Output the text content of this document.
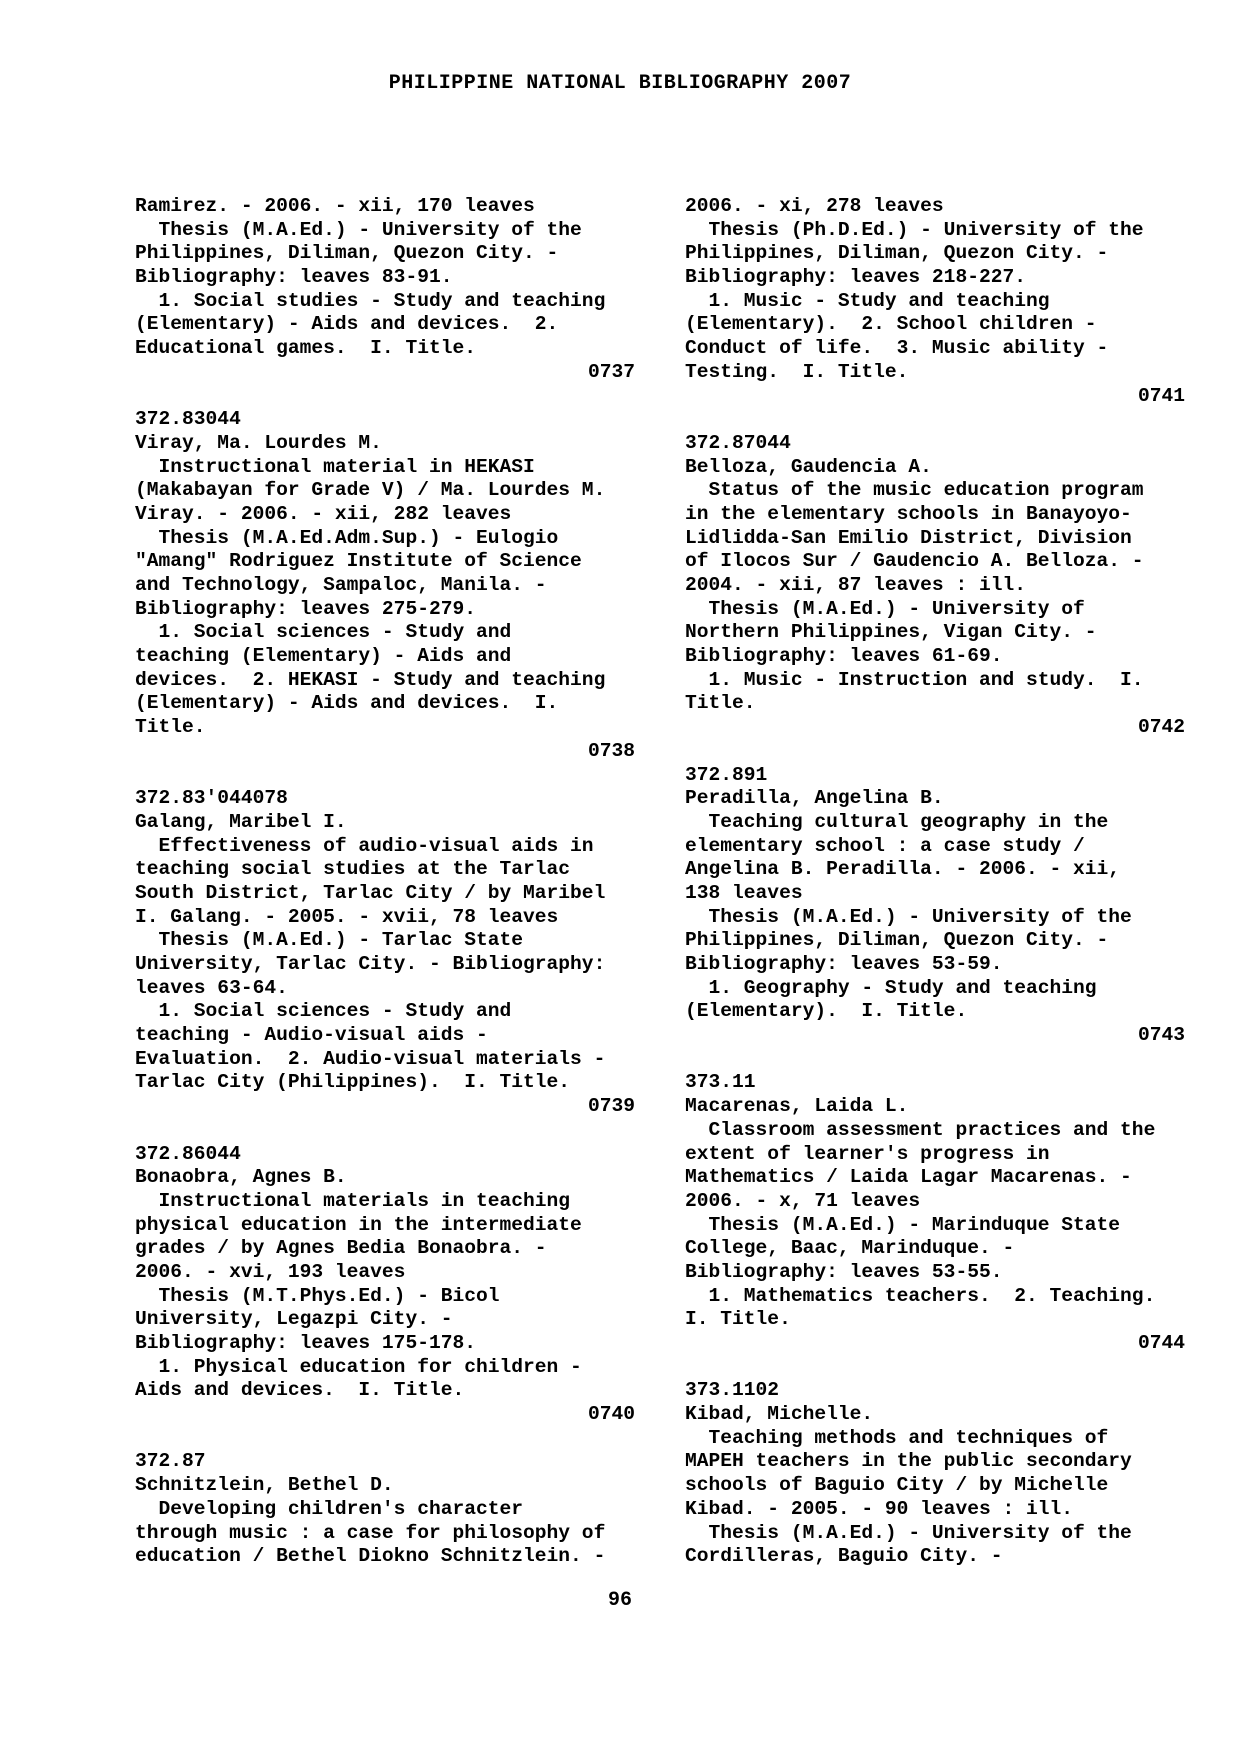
PHILIPPINE NATIONAL BIBLIOGRAPHY 2007
Ramirez. - 2006. - xii, 170 leaves
Thesis (M.A.Ed.) - University of the
Philippines, Diliman, Quezon City. -
Bibliography: leaves 83-91.
1. Social studies - Study and teaching
(Elementary) - Aids and devices.  2.
Educational games.  I. Title.
0737
372.83044
Viray, Ma. Lourdes M.
Instructional material in HEKASI
(Makabayan for Grade V) / Ma. Lourdes M.
Viray. - 2006. - xii, 282 leaves
Thesis (M.A.Ed.Adm.Sup.) - Eulogio
"Amang" Rodriguez Institute of Science
and Technology, Sampaloc, Manila. -
Bibliography: leaves 275-279.
1. Social sciences - Study and
teaching (Elementary) - Aids and
devices.  2. HEKASI - Study and teaching
(Elementary) - Aids and devices.  I.
Title.
0738
372.83'044078
Galang, Maribel I.
Effectiveness of audio-visual aids in
teaching social studies at the Tarlac
South District, Tarlac City / by Maribel
I. Galang. - 2005. - xvii, 78 leaves
Thesis (M.A.Ed.) - Tarlac State
University, Tarlac City. - Bibliography:
leaves 63-64.
1. Social sciences - Study and
teaching - Audio-visual aids -
Evaluation.  2. Audio-visual materials -
Tarlac City (Philippines).  I. Title.
0739
372.86044
Bonaobra, Agnes B.
Instructional materials in teaching
physical education in the intermediate
grades / by Agnes Bedia Bonaobra. -
2006. - xvi, 193 leaves
Thesis (M.T.Phys.Ed.) - Bicol
University, Legazpi City. -
Bibliography: leaves 175-178.
1. Physical education for children -
Aids and devices.  I. Title.
0740
372.87
Schnitzlein, Bethel D.
Developing children's character
through music : a case for philosophy of
education / Bethel Diokno Schnitzlein. -
2006. - xi, 278 leaves
Thesis (Ph.D.Ed.) - University of the
Philippines, Diliman, Quezon City. -
Bibliography: leaves 218-227.
1. Music - Study and teaching
(Elementary).  2. School children -
Conduct of life.  3. Music ability -
Testing.  I. Title.
0741
372.87044
Belloza, Gaudencia A.
Status of the music education program
in the elementary schools in Banayoyo-
Lidlidda-San Emilio District, Division
of Ilocos Sur / Gaudencio A. Belloza. -
2004. - xii, 87 leaves : ill.
Thesis (M.A.Ed.) - University of
Northern Philippines, Vigan City. -
Bibliography: leaves 61-69.
1. Music - Instruction and study.  I.
Title.
0742
372.891
Peradilla, Angelina B.
Teaching cultural geography in the
elementary school : a case study /
Angelina B. Peradilla. - 2006. - xii,
138 leaves
Thesis (M.A.Ed.) - University of the
Philippines, Diliman, Quezon City. -
Bibliography: leaves 53-59.
1. Geography - Study and teaching
(Elementary).  I. Title.
0743
373.11
Macarenas, Laida L.
Classroom assessment practices and the
extent of learner's progress in
Mathematics / Laida Lagar Macarenas. -
2006. - x, 71 leaves
Thesis (M.A.Ed.) - Marinduque State
College, Baac, Marinduque. -
Bibliography: leaves 53-55.
1. Mathematics teachers.  2. Teaching.
I. Title.
0744
373.1102
Kibad, Michelle.
Teaching methods and techniques of
MAPEH teachers in the public secondary
schools of Baguio City / by Michelle
Kibad. - 2005. - 90 leaves : ill.
Thesis (M.A.Ed.) - University of the
Cordilleras, Baguio City. -
96
